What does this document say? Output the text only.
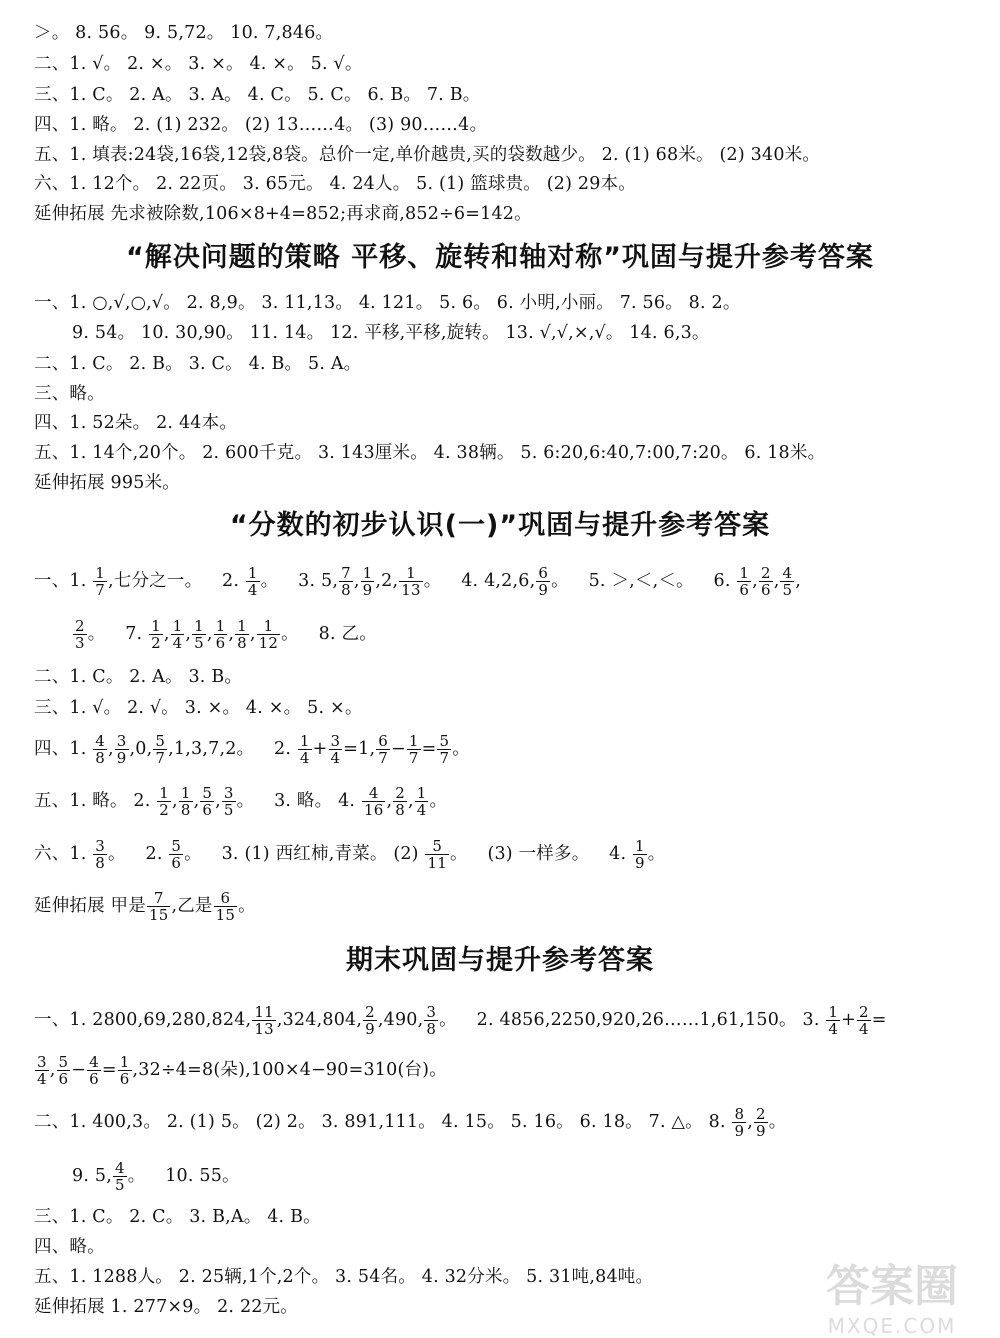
＞。 8. 56。 9. 5,72。 10. 7,846。
二、1. √。 2. ×。 3. ×。 4. ×。 5. √。
三、1. C。 2. A。 3. A。 4. C。 5. C。 6. B。 7. B。
四、1. 略。 2. (1) 232。 (2) 13……4。 (3) 90……4。
五、1. 填表:24袋,16袋,12袋,8袋。总价一定,单价越贵,买的袋数越少。 2. (1) 68米。 (2) 340米。
六、1. 12个。 2. 22页。 3. 65元。 4. 24人。 5. (1) 篮球贵。 (2) 29本。
延伸拓展 先求被除数,106×8+4=852;再求商,852÷6=142。
“解决问题的策略 平移、旋转和轴对称”巩固与提升参考答案
一、1. ○,√,○,√。 2. 8,9。 3. 11,13。 4. 121。 5. 6。 6. 小明,小丽。 7. 56。 8. 2。
9. 54。 10. 30,90。 11. 14。 12. 平移,平移,旋转。 13. √,√,×,√。 14. 6,3。
二、1. C。 2. B。 3. C。 4. B。 5. A。
三、略。
四、1. 52朵。 2. 44本。
五、1. 14个,20个。 2. 600千克。 3. 143厘米。 4. 38辆。 5. 6:20,6:40,7:00,7:20。 6. 18米。
延伸拓展 995米。
“分数的初步认识(一)”巩固与提升参考答案
一、1. $\frac{1}{7}$ ,七分之一。 2. $\frac{1}{4}$ 。 3. 5, $\frac{7}{8}$ , $\frac{1}{9} ,2$, $\frac{1}{13}$ 。 4. 4,2,6, $\frac{6}{9}$ 。 5. ＞,＜,＜。 6. $\frac{1}{6}$ , $\frac{2}{6}$ , $\frac{4}{5}$ ,
$\frac{2}{3}$ 。 7. $\frac{1}{2}$ , $\frac{1}{4}$ , $\frac{1}{5}$ , $\frac{1}{6}$ , $\frac{1}{8}$ , $\frac{1}{12}$ 。 8. 乙。
二、1. C。 2. A。 3. B。
三、1. √。 2. √。 3. ×。 4. ×。 5. ×。
四、1. $\frac{4}{8}$ , $\frac{3}{9} ,0$, $\frac{5}{7} ,1,3,7,2$。 2. $\frac{1}{4} + \frac{3}{4} =1$, $\frac{6}{7} - \frac{1}{7} = \frac{5}{7}$ 。
五、1. 略。 2. $\frac{1}{2}$ , $\frac{1}{8}$ , $\frac{5}{6}$ , $\frac{3}{5}$ 。 3. 略。 4. $\frac{4}{16}$ , $\frac{2}{8}$ , $\frac{1}{4}$ 。
六、1. $\frac{3}{8}$ 。 2. $\frac{5}{6}$ 。 3. (1) 西红柿,青菜。 $(2) \frac{5}{11}$ 。 (3) 一样多。 4. $\frac{1}{9}$ 。
延伸拓展 甲是 $\frac{7}{15}$ ,乙是 $\frac{6}{15}$ 。
期末巩固与提升参考答案
一、1. 2800,69,280,824, $\frac{11}{13} ,324,804$, $\frac{2}{9} ,490$, $\frac{3}{8}$ 。 2. 4856,2250,920,26……1,61,150。 3. $\frac{1}{4} + \frac{2}{4}$ =
$\frac{3}{4}$ , $\frac{5}{6} - \frac{4}{6} = \frac{1}{6} ,32\div 4=8$(朵),100×4−90=310(台)。
二、1. 400,3。 2. (1) 5。 (2) 2。 3. 891,111。 4. 15。 5. 16。 6. 18。 7. △。 8. $\frac{8}{9}$ , $\frac{2}{9}$ 。
9. 5, $\frac{4}{5}$ 。 10. 55。
三、1. C。 2. C。 3. B,A。 4. B。
四、略。
五、1. 1288人。 2. 25辆,1个,2个。 3. 54名。 4. 32分米。 5. 31吨,84吨。
延伸拓展 1. 277×9。 2. 22元。	答案圈
MXQE.COM
